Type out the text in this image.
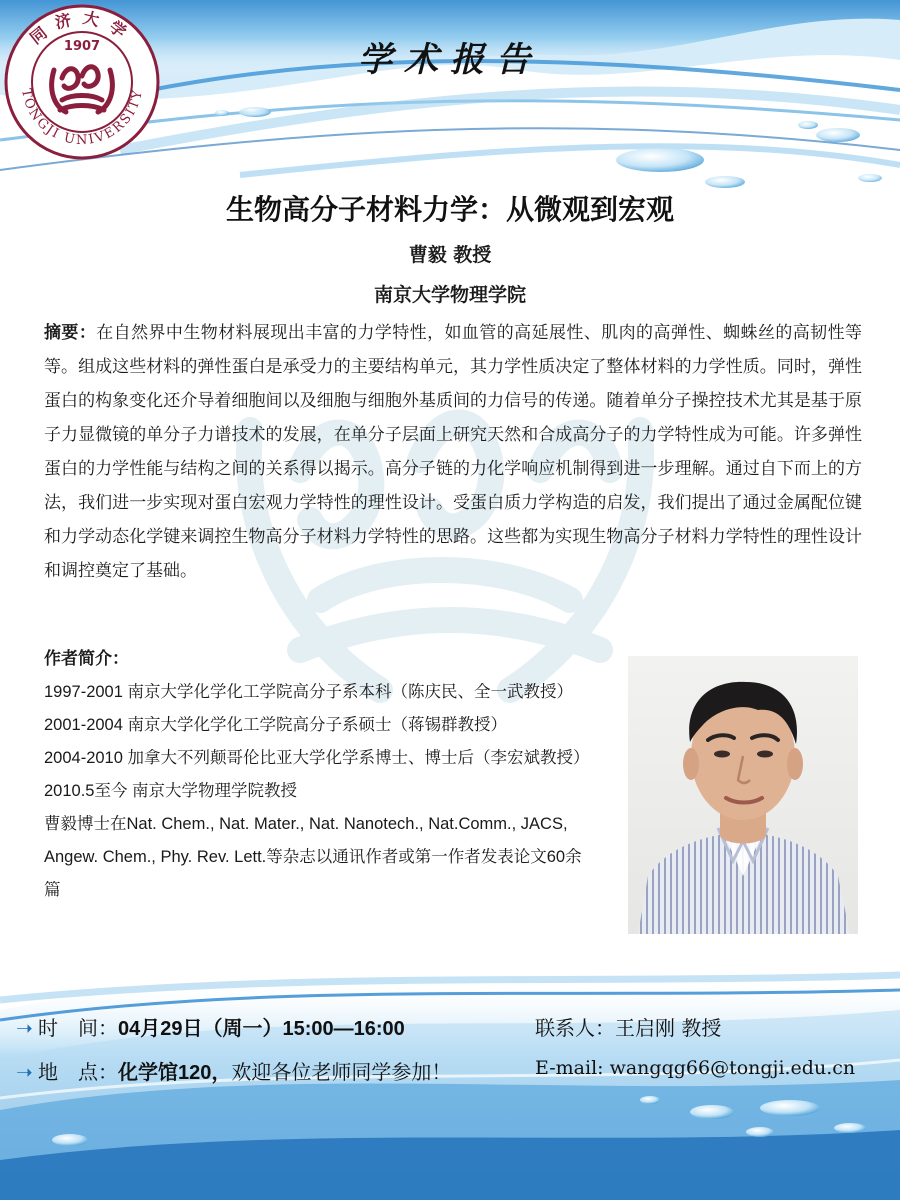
同济大学
TONGJI UNIVERSITY
1907	学术报告
生物高分子材料力学：从微观到宏观
曹毅 教授
南京大学物理学院
摘要：在自然界中生物材料展现出丰富的力学特性，如血管的高延展性、肌肉的高弹性、蜘蛛丝的高韧性等等。组成这些材料的弹性蛋白是承受力的主要结构单元，其力学性质决定了整体材料的力学性质。同时，弹性蛋白的构象变化还介导着细胞间以及细胞与细胞外基质间的力信号的传递。随着单分子操控技术尤其是基于原子力显微镜的单分子力谱技术的发展，在单分子层面上研究天然和合成高分子的力学特性成为可能。许多弹性蛋白的力学性能与结构之间的关系得以揭示。高分子链的力化学响应机制得到进一步理解。通过自下而上的方法，我们进一步实现对蛋白宏观力学特性的理性设计。受蛋白质力学构造的启发，我们提出了通过金属配位键和力学动态化学键来调控生物高分子材料力学特性的思路。这些都为实现生物高分子材料力学特性的理性设计和调控奠定了基础。
作者简介：

1997-2001 南京大学化学化工学院高分子系本科（陈庆民、全一武教授）

2001-2004 南京大学化学化工学院高分子系硕士（蒋锡群教授）

2004-2010 加拿大不列颠哥伦比亚大学化学系博士、博士后（李宏斌教授）

2010.5至今 南京大学物理学院教授

曹毅博士在Nat. Chem., Nat. Mater., Nat. Nanotech., Nat.Comm., JACS, Angew. Chem., Phy. Rev. Lett.等杂志以通讯作者或第一作者发表论文60余篇

➝ 时　间：04月29日（周一）15:00—16:00	联系人：王启刚 教授
➝ 地　点：化学馆120，欢迎各位老师同学参加！	E-mail: wangqg66@tongji.edu.cn
